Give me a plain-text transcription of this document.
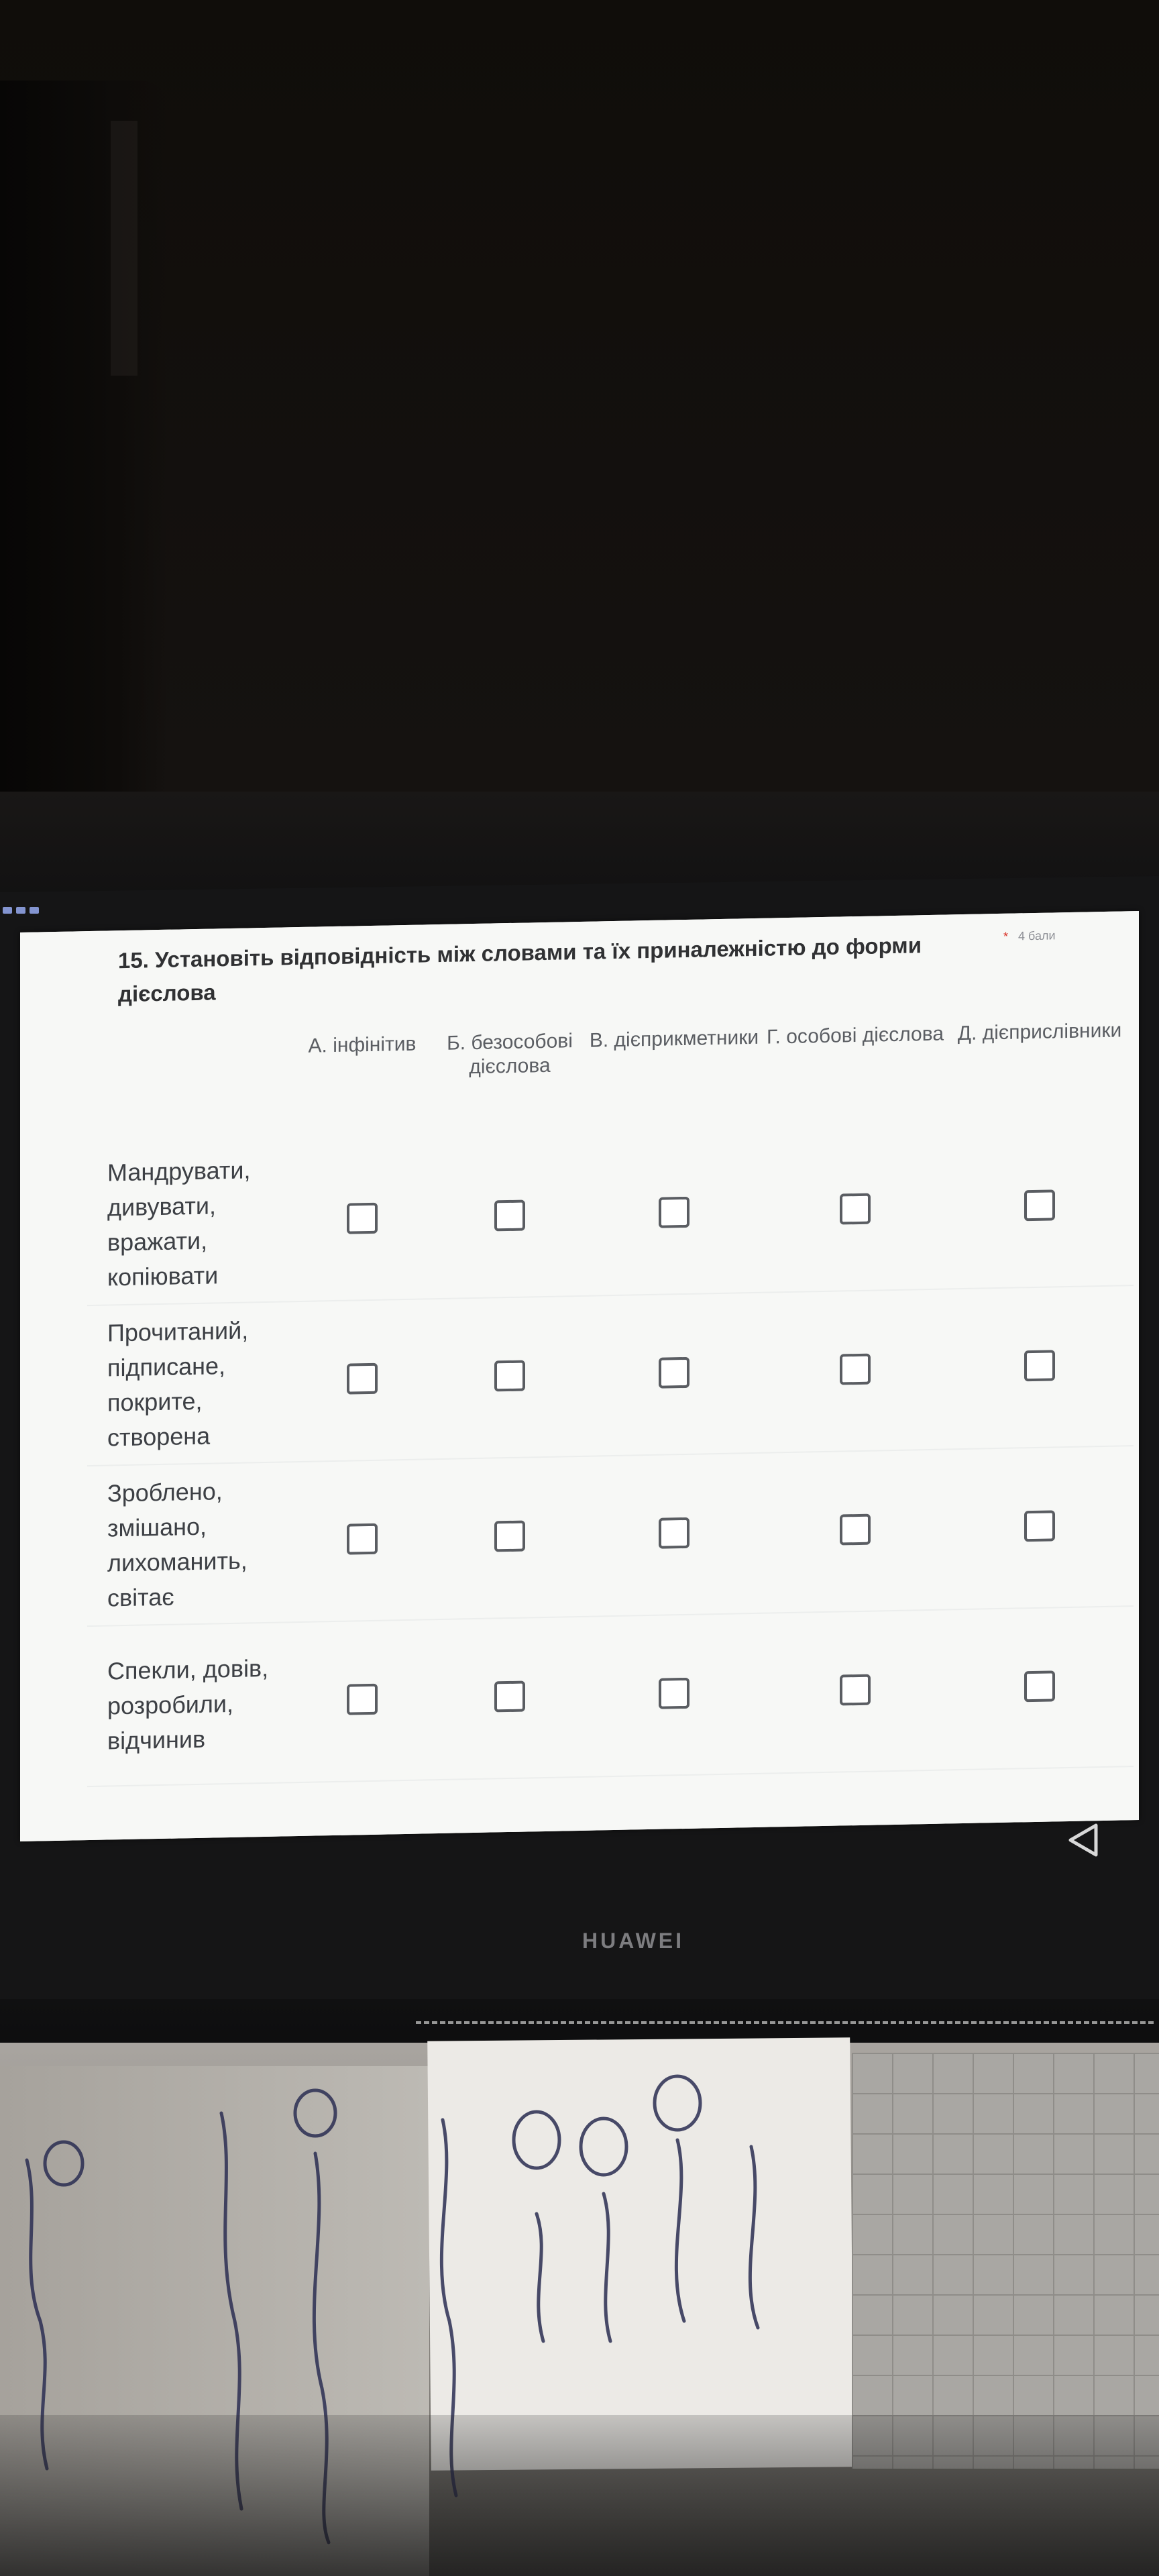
15. Установіть відповідність між словами та їх приналежністю до форми дієслова

* 4 бали
	А. інфінітив	Б. безособові дієслова	В. дієприкметники	Г. особові дієслова	Д. дієприслівники
Мандрувати, дивувати, вражати, копіювати					
Прочитаний, підписане, покрите, створена					
Зроблено, змішано, лихоманить, світає					
Спекли, довів, розробили, відчинив					
HUAWEI
